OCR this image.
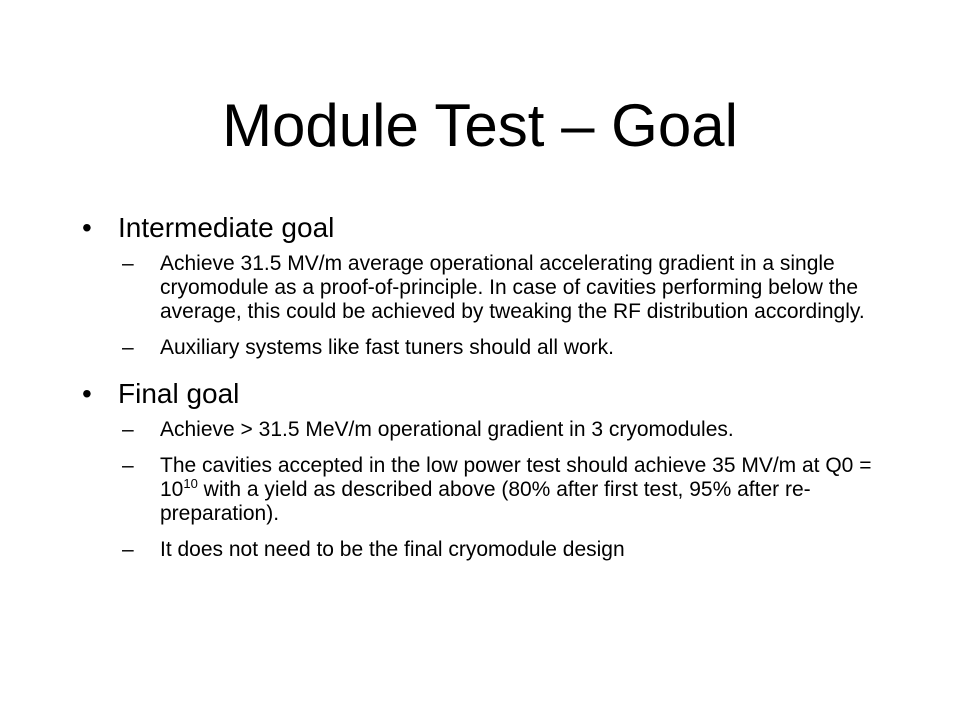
Module Test – Goal
• Intermediate goal
– Achieve 31.5 MV/m average operational accelerating gradient in a single cryomodule as a proof-of-principle. In case of cavities performing below the average, this could be achieved by tweaking the RF distribution accordingly.
– Auxiliary systems like fast tuners should all work.
• Final goal
– Achieve > 31.5 MeV/m operational gradient in 3 cryomodules.
– The cavities accepted in the low power test should achieve 35 MV/m at $Q0 = 10^{10}$ with a yield as described above (80% after first test, 95% after re-preparation).
– It does not need to be the final cryomodule design
